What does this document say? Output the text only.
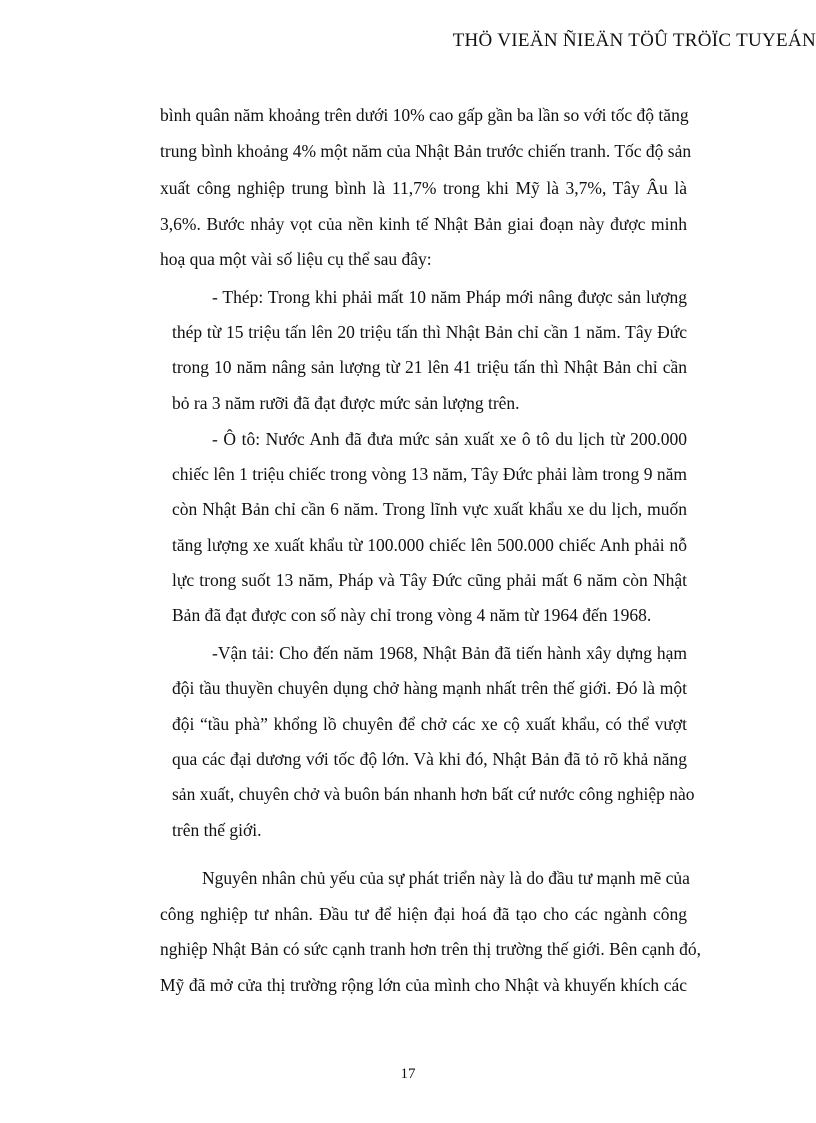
THÖ VIEÄN ÑIEÄN TÖÛ TRÖÏC TUYEÁN
bình quân năm khoảng trên dưới 10% cao gấp gần ba lần so với tốc độ tăng
trung bình khoảng 4% một năm của Nhật Bản trước chiến tranh. Tốc độ sản
xuất công nghiệp trung bình là 11,7% trong khi Mỹ là 3,7%, Tây Âu là
3,6%. Bước nhảy vọt của nền kinh tế Nhật Bản giai đoạn này được minh
hoạ qua một vài số liệu cụ thể sau đây:
- Thép: Trong khi phải mất 10 năm Pháp mới nâng được sản lượng
thép từ 15 triệu tấn lên 20 triệu tấn thì Nhật Bản chỉ cần 1 năm. Tây Đức
trong 10 năm nâng sản lượng từ 21 lên 41 triệu tấn thì Nhật Bản chỉ cần
bỏ ra 3 năm rưỡi đã đạt được mức sản lượng trên.
- Ô tô: Nước Anh đã đưa mức sản xuất xe ô tô du lịch từ 200.000
chiếc lên 1 triệu chiếc trong vòng 13 năm, Tây Đức phải làm trong 9 năm
còn Nhật Bản chỉ cần 6 năm. Trong lĩnh vực xuất khẩu xe du lịch, muốn
tăng lượng xe xuất khẩu từ 100.000 chiếc lên 500.000 chiếc Anh phải nỗ
lực trong suốt 13 năm, Pháp và Tây Đức cũng phải mất 6 năm còn Nhật
Bản đã đạt được con số này chỉ trong vòng 4 năm từ 1964 đến 1968.
-Vận tải: Cho đến năm 1968, Nhật Bản đã tiến hành xây dựng hạm
đội tầu thuyền chuyên dụng chở hàng mạnh nhất trên thế giới. Đó là một
đội “tầu phà” khổng lồ chuyên để chở các xe cộ xuất khẩu, có thể vượt
qua các đại dương với tốc độ lớn. Và khi đó, Nhật Bản đã tỏ rõ khả năng
sản xuất, chuyên chở và buôn bán nhanh hơn bất cứ nước công nghiệp nào
trên thế giới.
Nguyên nhân chủ yếu của sự phát triển này là do đầu tư mạnh mẽ của
công nghiệp tư nhân. Đầu tư để hiện đại hoá đã tạo cho các ngành công
nghiệp Nhật Bản có sức cạnh tranh hơn trên thị trường thế giới. Bên cạnh đó,
Mỹ đã mở cửa thị trường rộng lớn của mình cho Nhật và khuyến khích các
17
